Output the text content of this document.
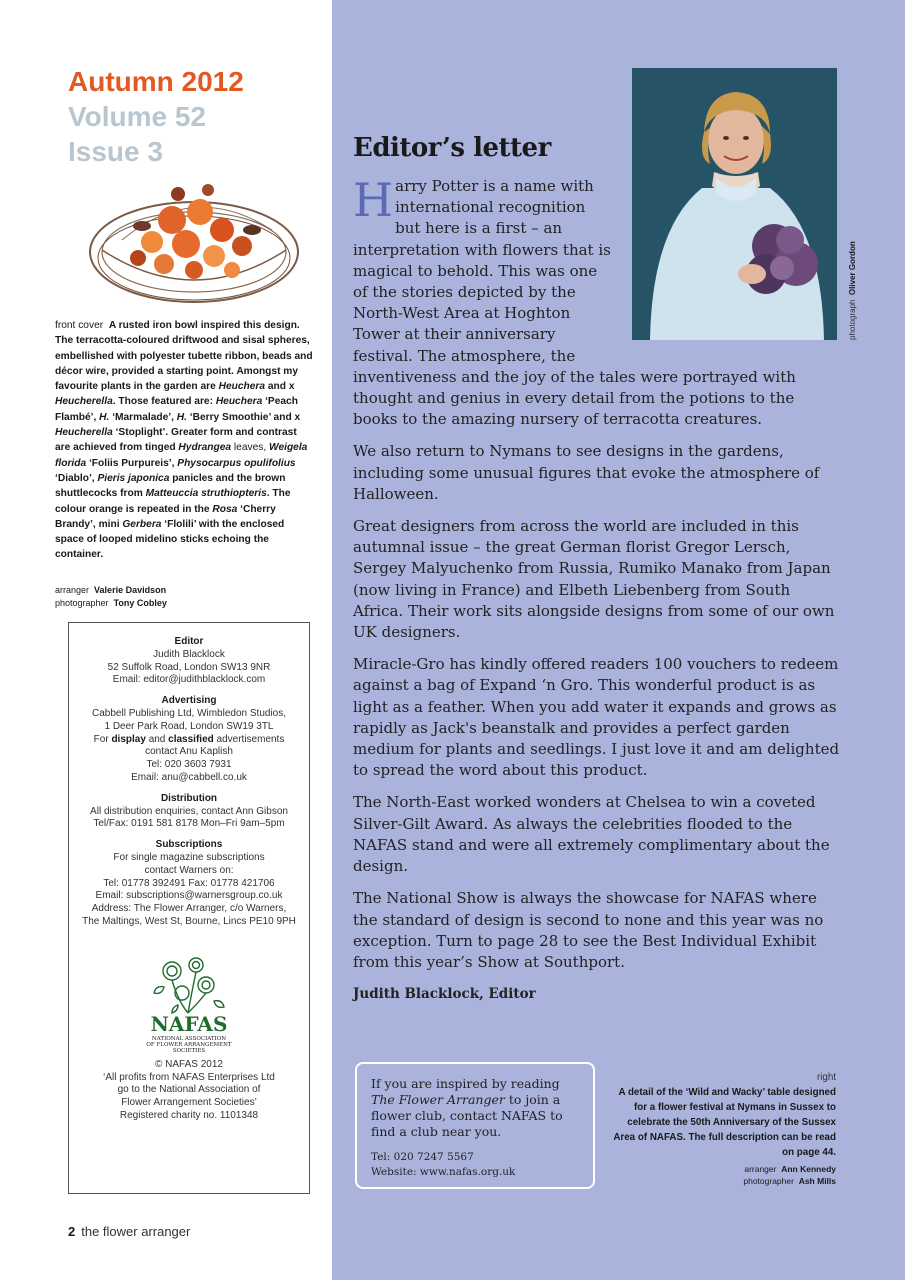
Autumn 2012
Volume 52
Issue 3
front cover A rusted iron bowl inspired this design. The terracotta-coloured driftwood and sisal spheres, embellished with polyester tubette ribbon, beads and décor wire, provided a starting point. Amongst my favourite plants in the garden are Heuchera and x Heucherella. Those featured are: Heuchera ‘Peach Flambé’, H. ‘Marmalade’, H. ‘Berry Smoothie’ and x Heucherella ‘Stoplight’. Greater form and contrast are achieved from tinged Hydrangea leaves, Weigela florida ‘Foliis Purpureis’, Physocarpus opulifolius ‘Diablo’, Pieris japonica panicles and the brown shuttlecocks from Matteuccia struthiopteris. The colour orange is repeated in the Rosa ‘Cherry Brandy’, mini Gerbera ‘Flolili’ with the enclosed space of looped midelino sticks echoing the container.
arranger Valerie Davidson
photographer Tony Cobley
Editor

Judith Blacklock

52 Suffolk Road, London SW13 9NR

Email: editor@judithblacklock.com

Advertising

Cabbell Publishing Ltd, Wimbledon Studios,

1 Deer Park Road, London SW19 3TL

For display and classified advertisements

contact Anu Kaplish

Tel: 020 3603 7931

Email: anu@cabbell.co.uk

Distribution

All distribution enquiries, contact Ann Gibson

Tel/Fax: 0191 581 8178 Mon–Fri 9am–5pm

Subscriptions

For single magazine subscriptions

contact Warners on:

Tel: 01778 392491 Fax: 01778 421706

Email: subscriptions@warnersgroup.co.uk

Address: The Flower Arranger, c/o Warners,

The Maltings, West St, Bourne, Lincs PE10 9PH

NAFAS
NATIONAL ASSOCIATION
OF FLOWER ARRANGEMENT
SOCIETIES

© NAFAS 2012

‘All profits from NAFAS Enterprises Ltd

go to the National Association of

Flower Arrangement Societies’

Registered charity no. 1101348

2 the flower arranger
photograph  Oliver Gordon
Editor’s letter

Harry Potter is a name with international recognition but here is a first – an interpretation with flowers that is magical to behold. This was one of the stories depicted by the North-West Area at Hoghton Tower at their anniversary festival. The atmosphere, the inventiveness and the joy of the tales were portrayed with thought and genius in every detail from the potions to the books to the amazing nursery of terracotta creatures.

We also return to Nymans to see designs in the gardens, including some unusual figures that evoke the atmosphere of Halloween.

Great designers from across the world are included in this autumnal issue – the great German florist Gregor Lersch, Sergey Malyuchenko from Russia, Rumiko Manako from Japan (now living in France) and Elbeth Liebenberg from South Africa. Their work sits alongside designs from some of our own UK designers.

Miracle-Gro has kindly offered readers 100 vouchers to redeem against a bag of Expand ‘n Gro. This wonderful product is as light as a feather. When you add water it expands and grows as rapidly as Jack's beanstalk and provides a perfect garden medium for plants and seedlings. I just love it and am delighted to spread the word about this product.

The North-East worked wonders at Chelsea to win a coveted Silver-Gilt Award. As always the celebrities flooded to the NAFAS stand and were all extremely complimentary about the design.

The National Show is always the showcase for NAFAS where the standard of design is second to none and this year was no exception. Turn to page 28 to see the Best Individual Exhibit from this year’s Show at Southport.

Judith Blacklock, Editor
If you are inspired by reading The Flower Arranger to join a flower club, contact NAFAS to find a club near you.
Tel: 020 7247 5567
Website: www.nafas.org.uk
right
A detail of the ‘Wild and Wacky’ table designed for a flower festival at Nymans in Sussex to celebrate the 50th Anniversary of the Sussex Area of NAFAS. The full description can be read on page 44.
arranger Ann Kennedy
photographer Ash Mills
